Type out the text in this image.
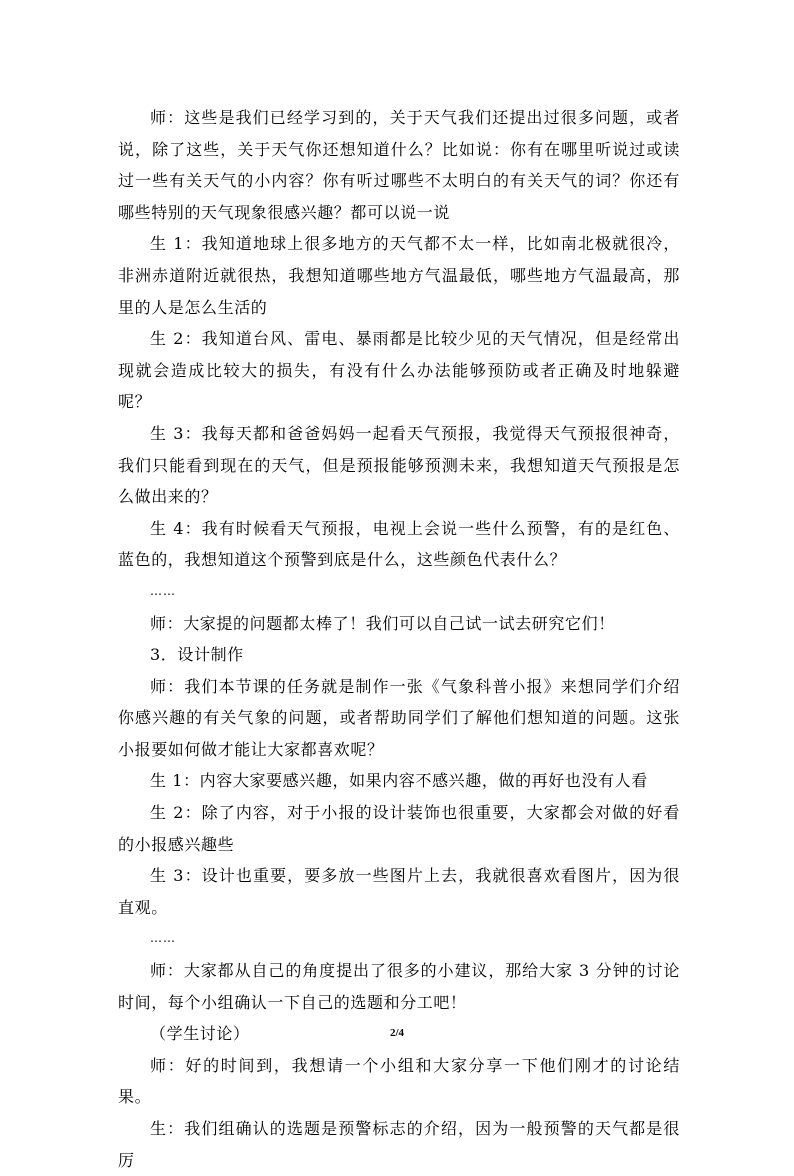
师：这些是我们已经学习到的，关于天气我们还提出过很多问题，或者说，除了这些，关于天气你还想知道什么？比如说：你有在哪里听说过或读过一些有关天气的小内容？你有听过哪些不太明白的有关天气的词？你还有哪些特别的天气现象很感兴趣？都可以说一说

生 1：我知道地球上很多地方的天气都不太一样，比如南北极就很冷，非洲赤道附近就很热，我想知道哪些地方气温最低，哪些地方气温最高，那里的人是怎么生活的

生 2：我知道台风、雷电、暴雨都是比较少见的天气情况，但是经常出现就会造成比较大的损失，有没有什么办法能够预防或者正确及时地躲避呢？

生 3：我每天都和爸爸妈妈一起看天气预报，我觉得天气预报很神奇，我们只能看到现在的天气，但是预报能够预测未来，我想知道天气预报是怎么做出来的？

生 4：我有时候看天气预报，电视上会说一些什么预警，有的是红色、蓝色的，我想知道这个预警到底是什么，这些颜色代表什么？

……

师：大家提的问题都太棒了！我们可以自己试一试去研究它们！

3．设计制作

师：我们本节课的任务就是制作一张《气象科普小报》来想同学们介绍你感兴趣的有关气象的问题，或者帮助同学们了解他们想知道的问题。这张小报要如何做才能让大家都喜欢呢？

生 1：内容大家要感兴趣，如果内容不感兴趣，做的再好也没有人看

生 2：除了内容，对于小报的设计装饰也很重要，大家都会对做的好看的小报感兴趣些

生 3：设计也重要，要多放一些图片上去，我就很喜欢看图片，因为很直观。

……

师：大家都从自己的角度提出了很多的小建议，那给大家 3 分钟的讨论时间，每个小组确认一下自己的选题和分工吧！

（学生讨论）

师：好的时间到，我想请一个小组和大家分享一下他们刚才的讨论结果。

生：我们组确认的选题是预警标志的介绍，因为一般预警的天气都是很厉

2/4
